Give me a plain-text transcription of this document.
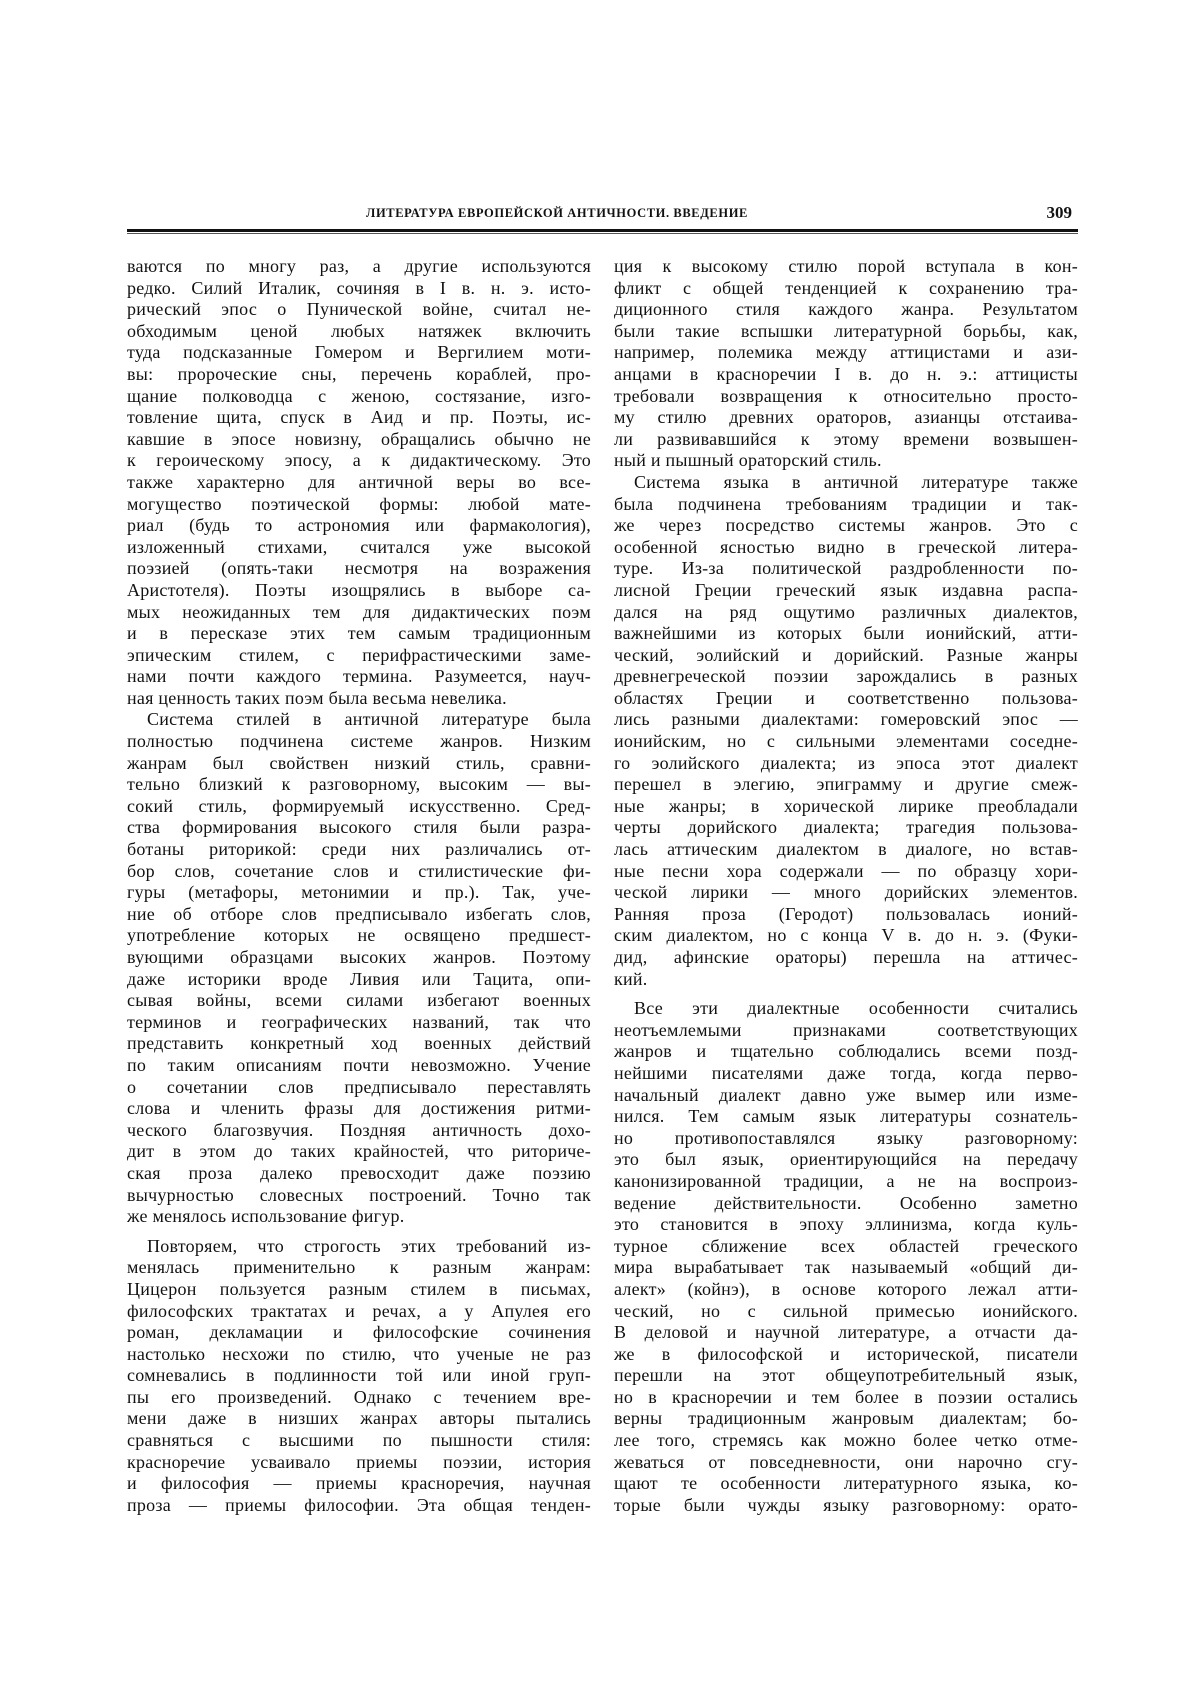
ЛИТЕРАТУРА ЕВРОПЕЙСКОЙ АНТИЧНОСТИ. ВВЕДЕНИЕ	309
ваются по многу раз, а другие используются
редко. Силий Италик, сочиняя в I в. н. э. исто-
рический эпос о Пунической войне, считал не-
обходимым ценой любых натяжек включить
туда подсказанные Гомером и Вергилием моти-
вы: пророческие сны, перечень кораблей, про-
щание полководца с женою, состязание, изго-
товление щита, спуск в Аид и пр. Поэты, ис-
кавшие в эпосе новизну, обращались обычно не
к героическому эпосу, а к дидактическому. Это
также характерно для античной веры во все-
могущество поэтической формы: любой мате-
риал (будь то астрономия или фармакология),
изложенный стихами, считался уже высокой
поэзией (опять-таки несмотря на возражения
Аристотеля). Поэты изощрялись в выборе са-
мых неожиданных тем для дидактических поэм
и в пересказе этих тем самым традиционным
эпическим стилем, с перифрастическими заме-
нами почти каждого термина. Разумеется, науч-
ная ценность таких поэм была весьма невелика.
Система стилей в античной литературе была
полностью подчинена системе жанров. Низким
жанрам был свойствен низкий стиль, сравни-
тельно близкий к разговорному, высоким — вы-
сокий стиль, формируемый искусственно. Сред-
ства формирования высокого стиля были разра-
ботаны риторикой: среди них различались от-
бор слов, сочетание слов и стилистические фи-
гуры (метафоры, метонимии и пр.). Так, уче-
ние об отборе слов предписывало избегать слов,
употребление которых не освящено предшест-
вующими образцами высоких жанров. Поэтому
даже историки вроде Ливия или Тацита, опи-
сывая войны, всеми силами избегают военных
терминов и географических названий, так что
представить конкретный ход военных действий
по таким описаниям почти невозможно. Учение
о сочетании слов предписывало переставлять
слова и членить фразы для достижения ритми-
ческого благозвучия. Поздняя античность дохо-
дит в этом до таких крайностей, что риториче-
ская проза далеко превосходит даже поэзию
вычурностью словесных построений. Точно так
же менялось использование фигур.
Повторяем, что строгость этих требований из-
менялась применительно к разным жанрам:
Цицерон пользуется разным стилем в письмах,
философских трактатах и речах, а у Апулея его
роман, декламации и философские сочинения
настолько несхожи по стилю, что ученые не раз
сомневались в подлинности той или иной груп-
пы его произведений. Однако с течением вре-
мени даже в низших жанрах авторы пытались
сравняться с высшими по пышности стиля:
красноречие усваивало приемы поэзии, история
и философия — приемы красноречия, научная
проза — приемы философии. Эта общая тенден-
ция к высокому стилю порой вступала в кон-
фликт с общей тенденцией к сохранению тра-
диционного стиля каждого жанра. Результатом
были такие вспышки литературной борьбы, как,
например, полемика между аттицистами и ази-
анцами в красноречии I в. до н. э.: аттицисты
требовали возвращения к относительно просто-
му стилю древних ораторов, азианцы отстаива-
ли развивавшийся к этому времени возвышен-
ный и пышный ораторский стиль.
Система языка в античной литературе также
была подчинена требованиям традиции и так-
же через посредство системы жанров. Это с
особенной ясностью видно в греческой литера-
туре. Из-за политической раздробленности по-
лисной Греции греческий язык издавна распа-
дался на ряд ощутимо различных диалектов,
важнейшими из которых были ионийский, атти-
ческий, эолийский и дорийский. Разные жанры
древнегреческой поэзии зарождались в разных
областях Греции и соответственно пользова-
лись разными диалектами: гомеровский эпос —
ионийским, но с сильными элементами соседне-
го эолийского диалекта; из эпоса этот диалект
перешел в элегию, эпиграмму и другие смеж-
ные жанры; в хорической лирике преобладали
черты дорийского диалекта; трагедия пользова-
лась аттическим диалектом в диалоге, но встав-
ные песни хора содержали — по образцу хори-
ческой лирики — много дорийских элементов.
Ранняя проза (Геродот) пользовалась ионий-
ским диалектом, но с конца V в. до н. э. (Фуки-
дид, афинские ораторы) перешла на аттичес-
кий.
Все эти диалектные особенности считались
неотъемлемыми признаками соответствующих
жанров и тщательно соблюдались всеми позд-
нейшими писателями даже тогда, когда перво-
начальный диалект давно уже вымер или изме-
нился. Тем самым язык литературы сознатель-
но противопоставлялся языку разговорному:
это был язык, ориентирующийся на передачу
канонизированной традиции, а не на воспроиз-
ведение действительности. Особенно заметно
это становится в эпоху эллинизма, когда куль-
турное сближение всех областей греческого
мира вырабатывает так называемый «общий ди-
алект» (койнэ), в основе которого лежал атти-
ческий, но с сильной примесью ионийского.
В деловой и научной литературе, а отчасти да-
же в философской и исторической, писатели
перешли на этот общеупотребительный язык,
но в красноречии и тем более в поэзии остались
верны традиционным жанровым диалектам; бо-
лее того, стремясь как можно более четко отме-
жеваться от повседневности, они нарочно сгу-
щают те особенности литературного языка, ко-
торые были чужды языку разговорному: орато-
